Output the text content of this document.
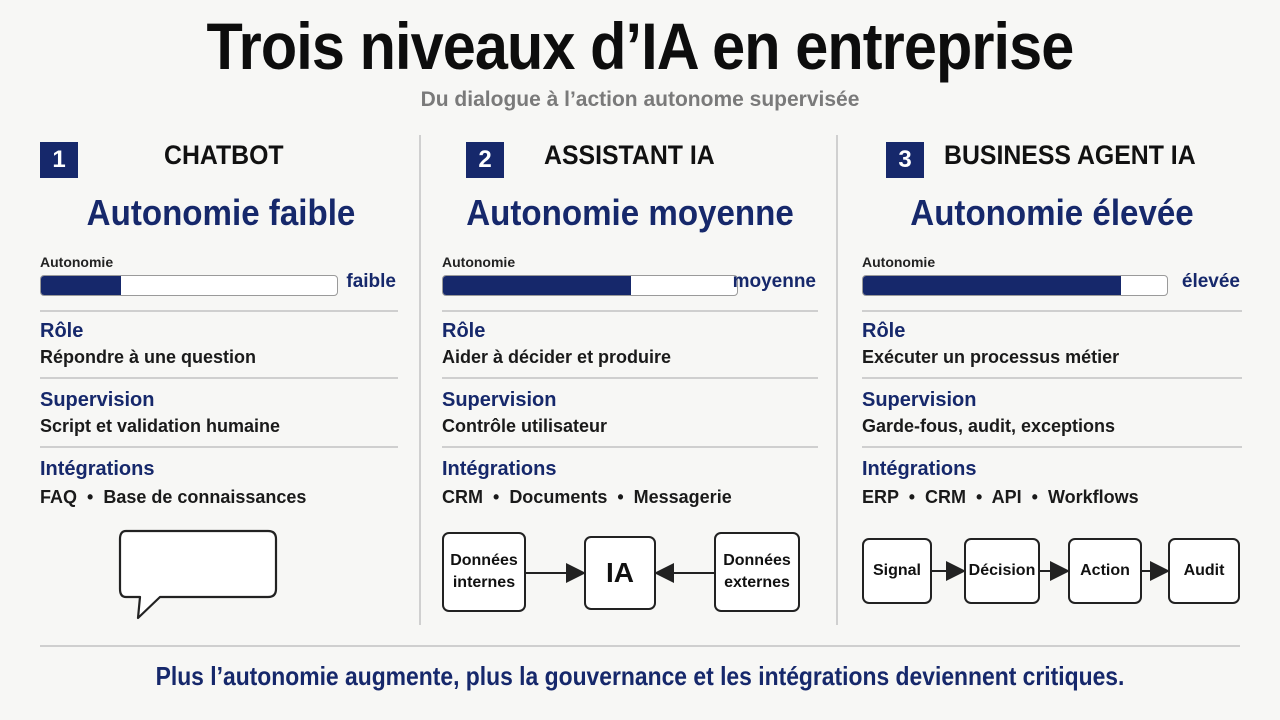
Trois niveaux d’IA en entreprise
Du dialogue à l’action autonome supervisée
1	CHATBOT
Autonomie faible
Autonomie
faible
Rôle
Répondre à une question
Supervision
Script et validation humaine
Intégrations
FAQ  •  Base de connaissances
2	ASSISTANT IA
Autonomie moyenne
Autonomie
moyenne
Rôle
Aider à décider et produire
Supervision
Contrôle utilisateur
Intégrations
CRM  •  Documents  •  Messagerie
Données
internes	IA	Données
externes
3	BUSINESS AGENT IA
Autonomie élevée
Autonomie
élevée
Rôle
Exécuter un processus métier
Supervision
Garde-fous, audit, exceptions
Intégrations
ERP  •  CRM  •  API  •  Workflows
Signal	Décision	Action	Audit
Plus l’autonomie augmente, plus la gouvernance et les intégrations deviennent critiques.
